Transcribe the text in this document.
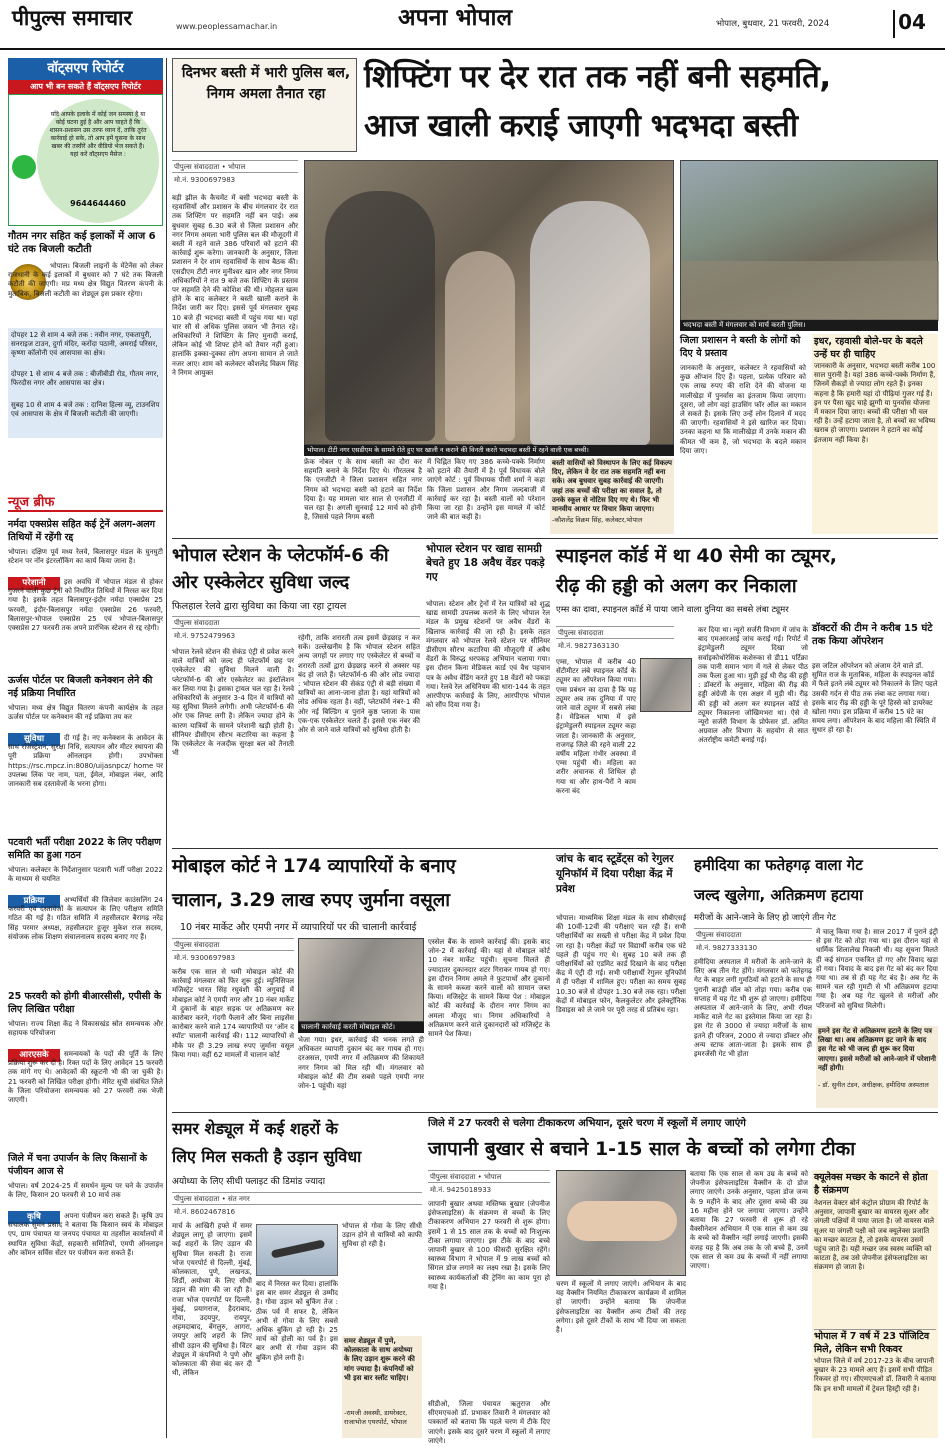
पीपुल्स समाचार	www.peoplessamachar.in	अपना भोपाल	भोपाल, बुधवार, 21 फरवरी, 2024	04
वॉट्सएप रिपोर्टर
आप भी बन सकते हैं वॉट्सएप रिपोर्टर
यदि आपके इलाके में कोई जन समस्या है या कोई घटना हुई है और आप चाहते हैं कि शासन-प्रशासन उस तरफ ध्यान दें, ताकि तुरंत कार्रवाई हो सके, तो आप हमें घुसना के साथ खबर की तस्वीरें और वीडियो भेज सकते हैं। यहां करें वॉट्सएप मैसेज :
9644644460
गौतम नगर सहित कई इलाकों में आज 6 घंटे तक बिजली कटौती
भोपाल। बिजली लाइनों के मेंटेनेंस को लेकर राजधानी के कई इलाकों में बुधवार को 7 घंटे तक बिजली कटौती की जाएगी। मप्र मध्य क्षेत्र विद्युत वितरण कंपनी के मुताबिक, बिजली कटौती का शेड्यूल इस प्रकार रहेगा।
दोपहर 12 से शाम 4 बजे तक : नवीन नगर, एकतापुरी, सनराइज टाउन, दुर्गा मंदिर, करोंदा पठानी, अमराई परिसर, कृष्णा कॉलोनी एवं आसपास का क्षेत्र।
दोपहर 1 से शाम 4 बजे तक : बीजीबीडी रोड, गौतम नगर, फिरदौस नगर और आसपास का क्षेत्र।
सुबह 10 से शाम 4 बजे तक : दानिश हिल्स व्यू, टाउनशिप एवं आसपास के क्षेत्र में बिजली कटौती की जाएगी।
न्यूज ब्रीफ
नर्मदा एक्सप्रेस सहित कई ट्रेनें अलग-अलग तिथियों में रहेंगी रद्द
भोपाल। दक्षिण पूर्व मध्य रेलवे, बिलासपुर मंडल के घुनघुटी स्टेशन पर नॉन इंटरलॉकिंग का कार्य किया जाना है।
परेशानी	इस अवधि में भोपाल मंडल से होकर गुजरने वाली कुछ ट्रेनों को निर्धारित तिथियों में निरस्त कर दिया गया है। इसके तहत बिलासपुर-इंदौर नर्मदा एक्सप्रेस 25 फरवरी, इंदौर-बिलासपुर नर्मदा एक्सप्रेस 26 फरवरी, बिलासपुर-भोपाल एक्सप्रेस 25 एवं भोपाल-बिलासपुर एक्सप्रेस 27 फरवरी तक अपने प्रारंभिक स्टेशन से रद्द रहेगी।
ऊर्जस पोर्टल पर बिजली कनेक्शन लेने की नई प्रक्रिया निर्धारित
भोपाल। मध्य क्षेत्र विद्युत वितरण कंपनी कार्यक्षेत्र के तहत ऊर्जस पोर्टल पर कनेक्शन की नई प्रक्रिया तय कर
सुविधा	दी गई है। नए कनेक्शन के आवेदन के साथ रजिस्ट्रेशन, सुरक्षा निधि, सत्यापन और मीटर स्थापना की पूरी प्रक्रिया ऑनलाइन होगी। उपभोक्ता https://rsc.mpcz.in:8080/uijasnpcz/ home पर उपलब्ध लिंक पर नाम, पता, ईमेल, मोबाइल नंबर, आदि जानकारी सब दस्तावेजों के भरना होगा।
पटवारी भर्ती परीक्षा 2022 के लिए परीक्षण समिति का हुआ गठन
भोपाल। कलेक्टर के निर्देशानुसार पटवारी भर्ती परीक्षा 2022 के माध्यम से चयनित
प्रक्रिया	अभ्यर्थियों की जिलेवार काउंसलिंग 24 फरवरी एवं दस्तावेजों के सत्यापन के लिए परीक्षण समिति गठित की गई है। गठित समिति में तहसीलदार बैरागढ़ नरेंद्र सिंह परमार अध्यक्ष, तहसीलदार हुजूर मुकेश राज सदस्य, संयोजक लोक शिक्षण संचालनालय सदस्य बनाए गए हैं।
25 फरवरी को होगी बीआरसीसी, एपीसी के लिए लिखित परीक्षा
भोपाल। राज्य शिक्षा केंद्र ने विकासखंड स्रोत समन्वयक और सहायक परियोजना
आरएसके	समन्वयकों के पदों की पूर्ति के लिए प्रक्रिया शुरू कर दी है। रिक्त पदों के लिए आवेदन 15 फरवरी तक मांगे गए थे। आवेदकों की स्क्रूटनी भी की जा चुकी है। 21 फरवरी को लिखित परीक्षा होगी। मेरिट सूची संबंधित जिले के जिला परियोजना समन्वयक को 27 फरवरी तक भेजी जाएगी।
जिले में चना उपार्जन के लिए किसानों के पंजीयन आज से
भोपाल। वर्ष 2024-25 में समर्थन मूल्य पर चने के उपार्जन के लिए, किसान 20 फरवरी से 10 मार्च तक
कृषि	अपना पंजीयन करा सकते हैं। कृषि उप संचालक सुमन प्रसाद ने बताया कि किसान स्वयं के मोबाइल एप, ग्राम पंचायत या जनपद पंचायत या तहसील कार्यालयों में स्थापित सुविधा केंद्रों, सहकारी समितियों, एमपी ऑनलाइन और कॉमन सर्विस सेंटर पर पंजीयन करा सकते हैं।
दिनभर बस्ती में भारी पुलिस बल, निगम अमला तैनात रहा	शिफ्टिंग पर देर रात तक नहीं बनी सहमति,
आज खाली कराई जाएगी भदभदा बस्ती
पीपुल्स संवाददाता • भोपाल
मो.नं. 9300697983
बड़ी झील के कैचमेंट में बसी भदभदा बस्ती के रहवासियों और प्रशासन के बीच मंगलवार देर रात तक शिफ्टिंग पर सहमति नहीं बन पाई। अब बुधवार सुबह 6.30 बजे से जिला प्रशासन और नगर निगम अमला भारी पुलिस बल की मौजूदगी में बस्ती में रहने वाले 386 परिवारों को हटाने की कार्रवाई शुरू करेगा। जानकारी के अनुसार, जिला प्रशासन ने देर शाम रहवासियों के साथ बैठक की। एसडीएम टीटी नगर मुनीश्वर खान और नगर निगम अधिकारियों ने रात 9 बजे तक शिफ्टिंग के प्रस्ताव पर सहमति देने की कोशिश की थी। मोहलत खत्म होने के बाद कलेक्टर ने बस्ती खाली कराने के निर्देश जारी कर दिए। इससे पूर्व मंगलवार सुबह 10 बजे ही भदभदा बस्ती में पहुंच गया था। यहां चार सौ से अधिक पुलिस जवान भी तैनात रहे। अधिकारियों ने शिफ्टिंग के लिए मुनादी कराई, लेकिन कोई भी शिफ्ट होने को तैयार नहीं हुआ। हालांकि इक्का-दुक्का लोग अपना सामान ले जाते नजर आए। शाम को कलेक्टर कौशलेंद्र विक्रम सिंह ने निगम आयुक्त
भोपाल। टीटी नगर एसडीएम के सामने रोते हुए घर खाली न कराने की विनती करते भदभदा बस्ती में रहने वाली एक बच्ची।
फ्रेंक नोबल ए के साथ बस्ती का दौरा कर सहमति बनाने के निर्देश दिए थे। गौरतलब है कि एनजीटी ने जिला प्रशासन सहित नगर निगम को भदभदा बस्ती को हटाने का निर्देश दिया है। यह मामला चार साल से एनजीटी में चल रहा है। अगली सुनवाई 12 मार्च को होनी है, जिससे पहले निगम बस्ती
में चिह्नित किए गए 386 कच्चे-पक्के निर्माण को हटाने की तैयारी में है। पूर्व विधायक बोले जाएंगे कोर्ट : पूर्व विधायक पीसी शर्मा ने कहा कि जिला प्रशासन और निगम जल्दबाजी में कार्रवाई कर रहा है। बस्ती वालों को परेशान किया जा रहा है। उन्होंने इस मामले में कोर्ट जाने की बात कही है।
बस्ती वासियों को विस्थापन के लिए कई विकल्प दिए, लेकिन वे देर रात तक सहमति नहीं बना सके। अब बुधवार सुबह कार्रवाई की जाएगी। जहां तक बच्चों की परीक्षा का सवाल है, तो उनके स्कूल से नोटिस दिए गए थे। फिर भी मानवीय आधार पर विचार किया जाएगा।
-कौशलेंद्र विक्रम सिंह, कलेक्टर,भोपाल
भदभदा बस्ती में मंगलवार को मार्च करती पुलिस।
जिला प्रशासन ने बस्ती के लोगों को दिए ये प्रस्ताव
जानकारी के अनुसार, कलेक्टर ने रहवासियों को कुछ ऑप्शन दिए हैं। पहला, प्रत्येक परिवार को एक लाख रुपए की राशि देने की योजना या मालीखेड़ा में पुनर्वास का इंतजाम किया जाएगा। दूसरा, जो लोग वहां हाउसिंग फॉर ऑल का मकान ले सकते हैं। इसके लिए उन्हें लोन दिलाने में मदद की जाएगी। रहवासियों ने इसे खारिज कर दिया। उनका कहना था कि मालीखेड़ा में उनके मकान की कीमत भी कम है, जो भदभदा के बदले मकान दिया जाए।
इधर, रहवासी बोले-घर के बदले उन्हें घर ही चाहिए
जानकारी के अनुसार, भदभदा बस्ती करीब 100 साल पुरानी है। यहां 386 कच्चे-पक्के निर्माण हैं, जिनमें सैकड़ों से ज्यादा लोग रहते हैं। इनका कहना है कि हमारी यहां दो पीढ़ियां गुजर गई हैं। इन पर पैसा खुद चाहे झुग्गी या पुनर्वास योजना में मकान दिया जाए। बच्चों की परीक्षा भी चल रही है। उन्हें हटाया जाता है, तो बच्चों का भविष्य खराब हो जाएगा। प्रशासन ने हटाने का कोई इंतजाम नहीं किया है।
भोपाल स्टेशन के प्लेटफॉर्म-6 की ओर एस्केलेटर सुविधा जल्द
फिलहाल रेलवे द्वारा सुविधा का किया जा रहा ट्रायल
पीपुल्स संवाददाता
मो.नं. 9752479963
भोपाल रेलवे स्टेशन की सेकंड एंट्री से प्रवेश करने वाले यात्रियों को जल्द ही प्लेटफॉर्म छह पर एस्केलेटर की सुविधा मिलने वाली है। प्लेटफॉर्म-6 की ओर एस्केलेटर का इंस्टॉलेशन कर लिया गया है। इसका ट्रायल चल रहा है। रेलवे अधिकारियों के अनुसार 3-4 दिन में यात्रियों को यह सुविधा मिलने लगेगी। अभी प्लेटफॉर्म-6 की ओर एक लिफ्ट लगी है। लेकिन ज्यादा होने के कारण यात्रियों के सामने परेशानी खड़ी होती है। सीनियर डीसीएम सौरभ कटारिया का कहना है कि एस्केलेटर के नजदीक सुरक्षा बल को तैनाती भी
रहेगी, ताकि शरारती तत्व इसमें छेड़छाड़ न कर सकें। उल्लेखनीय है कि भोपाल स्टेशन सहित अन्य जगहों पर लगाए गए एस्केलेटर से बच्चों व शरारती तत्वों द्वारा छेड़छाड़ करने से अक्सर यह बंद हो जाते हैं। प्लेटफॉर्म-6 की ओर लोड ज्यादा : भोपाल स्टेशन की सेकंड एंट्री से बड़ी संख्या में यात्रियों का आना-जाना होता है। यहां यात्रियों को लोड अधिक रहता है। वहीं, प्लेटफॉर्म नंबर-1 की ओर नई बिल्डिंग व पुराने कुष्ठ प्लाजा के पास एक-एक एस्केलेटर चलते हैं। इससे एक नंबर की ओर से जाने वाले यात्रियों को सुविधा होती है।
भोपाल स्टेशन पर खाद्य सामग्री बेचते हुए 18 अवैध वेंडर पकड़े गए
भोपाल। स्टेशन और ट्रेनों में रेल यात्रियों को शुद्ध खाद्य सामग्री उपलब्ध कराने के लिए भोपाल रेल मंडल के प्रमुख स्टेशनों पर अवैध वेंडरों के खिलाफ कार्रवाई की जा रही है। इसके तहत मंगलवार को भोपाल रेलवे स्टेशन पर सीनियर डीसीएम सौरभ कटारिया की मौजूदगी में अवैध वेंडरों के विरुद्ध धरपकड़ अभियान चलाया गया। इस दौरान किना मेडिकल कार्ड एवं वैध पहचान पत्र के अवैध वेंडिंग करते हुए 18 वेंडरों को पकड़ा गया। रेलवे रेल अधिनियम की धारा-144 के तहत आरपीएफ कार्रवाई के लिए, आरपीएफ भोपाल को सौंप दिया गया है।
स्पाइनल कॉर्ड में था 40 सेमी का ट्यूमर,
रीढ़ की हड्डी को अलग कर निकाला
एम्स का दावा, स्पाइनल कॉर्ड में पाया जाने वाला दुनिया का सबसे लंबा ट्यूमर
पीपुल्स संवाददाता
मो.नं. 9827363130
एम्स, भोपाल में करीब 40 सेंटीमीटर लंबे स्पाइनल कॉर्ड के ट्यूमर का ऑपरेशन किया गया। एम्स प्रबंधन का दावा है कि यह ट्यूमर अब तक दुनिया में पाए जाने वाले ट्यूमर में सबसे लंबा है। मेडिकल भाषा में इसे इंट्रामेडुलरी स्पाइनल ट्यूमर कहा जाता है। जानकारी के अनुसार, राजगढ़ जिले की रहने वाली 22 वर्षीय महिला गंभीर अवस्था में एम्स पहुंची थी। महिला का शरीर अचानक से शिथिल हो गया था और हाथ-पैरों ने काम करना बंद
कर दिया था। न्यूरो सर्जरी विभाग में जांच के बाद एमआरआई जांच कराई गई। रिपोर्ट में इंट्रामेडुलरी ट्यूमर दिखा जो सर्वाइकोथोरेसिक कशेरुका से डी11 पर्टिक्रा तक पानी समान भाग में गले से लेकर पीठ तक फैला हुआ था। मुड़ी हुई थी रीढ़ की हड्डी : डॉक्टरों के अनुसार, महिला की रीढ़ की हड्डी अंग्रेजी के एस अक्षर में मुड़ी थी। रीढ़ की हड्डी को अलग कर स्पाइनल कॉर्ड से ट्यूमर निकालना जोखिमभरा था। ऐसे में न्यूरो सर्जरी विभाग के प्रोफेसर डॉ. अमित अग्रवाल और विभाग के सहयोग से सात अंतर्राष्ट्रीय कमेटी बनाई गई।
डॉक्टरों की टीम ने करीब 15 घंटे तक किया ऑपरेशन
इस जटिल ऑपरेशन को अंजाम देने वाले डॉ. सुमित राज के मुताबिक, महिला के स्पाइनल कॉर्ड में फैले इतने लंबे ट्यूमर को निकालने के लिए पहले उसकी गर्दन से पीठ तक लंबा कट लगाया गया। इसके बाद रीढ़ की हड्डी के पूरे हिस्से को डायरेक्ट खोला गया। इस प्रक्रिया में करीब 15 घंटे का समय लगा। ऑपरेशन के बाद महिला की स्थिति में सुधार हो रहा है।
मोबाइल कोर्ट ने 174 व्यापारियों के बनाए
चालान, 3.29 लाख रुपए जुर्माना वसूला
10 नंबर मार्केट और एमपी नगर में व्यापारियों पर की चालानी कार्रवाई
पीपुल्स संवाददाता
मो.नं. 9300697983
करीब एक साल से थमी मोबाइल कोर्ट की कार्रवाई मंगलवार को फिर शुरू हुई। म्युनिसिपल मजिस्ट्रेट भारत सिंह रघुवंशी की अगुवाई में मोबाइल कोर्ट ने एमपी नगर और 10 नंबर मार्केट में दुकानों के बाहर सड़क पर अतिक्रमण कर कारोबार करने, गंदगी फैलाने और बिना लाइसेंस कारोबार करने वाले 174 व्यापारियों पर 'ऑन द स्पॉट' चालानी कार्रवाई की। 112 व्यापारियों से मौके पर ही 3.29 लाख रुपए जुर्माना वसूल किया गया। वहीं 62 मामलों में चालान कोर्ट
चालानी कार्रवाई करती मोबाइल कोर्ट।
भेजा गया। इधर, कार्रवाई की भनक लगते ही अधिकतर व्यापारी दुकान बंद कर गायब हो गए। दरअसल, एमपी नगर में अतिक्रमण की शिकायतें नगर निगम को मिल रही थीं। मंगलवार को मोबाइल कोर्ट की टीम सबसे पहले एमपी नगर जोन-1 पहुंची। यहां
एस्सेल बैंक के सामने कार्रवाई की। इसके बाद जोन-2 में कार्रवाई की। यहां से मोबाइल कोर्ट 10 नंबर मार्केट पहुंची। सूचना मिलते ही ज्यादातर दुकानदार शटर गिराकर गायब हो गए। इस दौरान निगम अमले ने फुटपाथों और दुकानों के सामने कब्जा करने वालों को सामान जब्त किया। मजिस्ट्रेट के सामने किया पेश : मोबाइल कोर्ट की कार्रवाई के दौरान नगर निगम का अमला मौजूद था। निगम अधिकारियों ने अतिक्रमण करने वाले दुकानदारों को मजिस्ट्रेट के सामने पेश किया।
जांच के बाद स्टूडेंट्स को रेगुलर यूनिफॉर्म में दिया परीक्षा केंद्र में प्रवेश
भोपाल। माध्यमिक शिक्षा मंडल के साथ सीबीएसई की 10वीं-12वीं की परीक्षाएं चल रही हैं। सभी परीक्षार्थियों का सख्ती से परीक्षा केंद्र में प्रवेश दिया जा रहा है। परीक्षा केंद्रों पर विद्यार्थी करीब एक घंटे पहले ही पहुंच गए थे। सुबह 10 बजे तक ही परीक्षार्थियों को एडमिट कार्ड दिखाने के बाद परीक्षा केंद्र में एंट्री दी गई। सभी परीक्षार्थी रेगुलर यूनिफॉर्म में ही परीक्षा में शामिल हुए। परीक्षा का समय सुबह 10.30 बजे से दोपहर 1.30 बजे तक रहा। परीक्षा केंद्रों में मोबाइल फोन, कैलकुलेटर और इलेक्ट्रॉनिक डिवाइस को ले जाने पर पूरी तरह से प्रतिबंध रहा।
हमीदिया का फतेहगढ़ वाला गेट
जल्द खुलेगा, अतिक्रमण हटाया
मरीजों के आने-जाने के लिए हो जाएंगे तीन गेट
पीपुल्स संवाददाता
मो.नं. 9827333130
हमीदिया अस्पताल में मरीजों के आने-जाने के लिए अब तीन गेट होंगे। मंगलवार को फतेहगढ़ गेट के बाहर लगी गुमठियों को हटाने के साथ ही पुरानी बाउंड्री वॉल को तोड़ा गया। करीब एक सप्ताह में यह गेट भी शुरू हो जाएगा। हमीदिया अस्पताल में आने-जाने के लिए, अभी रॉयल मार्केट वाले गेट का इस्तेमाल किया जा रहा है। इस गेट से 3000 से ज्यादा मरीजों के साथ इतने ही परिजन, 2000 से ज्यादा डॉक्टर और अन्य स्टाफ आता-जाता है। इसके साथ ही इमरजेंसी गेट भी होता
में चालू किया गया है। साल 2017 में पुराने इंट्री से इस गेट को तोड़ा गया था। इस दौरान यहां से धार्मिक शिलालेख निकली थी। यह सूचना मिलते ही कई संगठन एकत्रित हो गए और विवाद खड़ा हो गया। विवाद के बाद इस गेट को बंद कर दिया गया था। तब से ही यह गेट बंद है। अब गेट के सामने चल रही गुमटी से भी अतिक्रमण हटाया गया है। अब यह गेट खुलने से मरीजों और परिजनों को सुविधा मिलेगी।
हमने इस गेट से अतिक्रमण हटाने के लिए पत्र लिखा था। अब अतिक्रमण हट जाने के बाद इस गेट को भी जल्द ही शुरू कर दिया जाएगा। इससे मरीजों को आने-जाने में परेशानी नहीं होगी।
- डॉ. सुनीत टंडन, अधीक्षक, हमीदिया अस्पताल
समर शेड्यूल में कई शहरों के
लिए मिल सकती है उड़ान सुविधा
अयोध्या के लिए सीधी फ्लाइट की डिमांड ज्यादा
पीपुल्स संवाददाता • संत नगर
मो.नं. 8602467816
मार्च के आखिरी हफ्ते में समर शेड्यूल लागू हो जाएगा। इसमें कई शहरों के लिए उड़ान की सुविधा मिल सकती है। राजा भोज एयरपोर्ट से दिल्ली, मुंबई, कोलकाता, पुणे, लखनऊ, शिर्डी, अयोध्या के लिए सीधी उड़ान की मांग की जा रही है। राजा भोज एयरपोर्ट पर दिल्ली, मुंबई, प्रयागराज, हैदराबाद, गोवा, उदयपुर, रायपुर, अहमदाबाद, बेंगलुरु, आगरा, जयपुर आदि शहरों के लिए सीधी उड़ान की सुविधा है। विंटर शेड्यूल में कंपनियों ने पुणे और कोलकाता की सेवा बंद कर दी थी, लेकिन
बाद में निरस्त कर दिया। हालांकि इस बार समर शेड्यूल से उम्मीद है। गोवा उड़ान को बुकिंग तेज : ठीक पर्व में सफर है, लेकिन अभी से गोवा के लिए सबसे अधिक बुकिंग हो रही है। 25 मार्च को होली का पर्व है। इस बार अभी से गोवा उड़ान की बुकिंग होने लगी है।
भोपाल से गोवा के लिए सीधी उड़ान होने से यात्रियों को काफी सुविधा हो रही है।
समर शेड्यूल में पुणे, कोलकाता के साथ अयोध्या के लिए उड़ान शुरू करने की मांग ज्यादा है। कंपनियों को भी इस बार स्लॉट चाहिए।
-रामजी अवस्थी, डायरेक्टर, राजाभोज एयरपोर्ट, भोपाल
जिले में 27 फरवरी से चलेगा टीकाकरण अभियान, दूसरे चरण में स्कूलों में लगाए जाएंगे
जापानी बुखार से बचाने 1-15 साल के बच्चों को लगेगा टीका
पीपुल्स संवाददाता • भोपाल
मो.नं. 9425018933
जापानी बुखार अथवा मस्तिष्क बुखार (जेपनीज इंसेफलाइटिस) के संक्रमण से बच्चों के लिए टीकाकरण अभियान 27 फरवरी से शुरू होगा। इसमें 1 से 15 साल तक के बच्चों को निःशुल्क टीका लगाया जाएगा। इस टीके के बाद बच्चे जापानी बुखार से 100 फीसदी सुरक्षित रहेंगे। स्वास्थ्य विभाग ने भोपाल में 9 लाख बच्चों को सिंगल डोज लगाने का लक्ष्य रखा है। इसके लिए स्वास्थ्य कार्यकर्ताओं की ट्रेनिंग का काम पूरा हो गया है।
सीडीओ, जिला पंचायत ऋतुराज और सीएमएचओ डॉ. प्रभाकर तिवारी ने मंगलवार को पत्रकारों को बताया कि पहले चरण में टीके दिए जाएंगे। इसके बाद दूसरे चरण में स्कूलों में लगाए जाएंगे।
चरण में स्कूलों में लगाए जाएंगे। अभियान के बाद यह वैक्सीन नियमित टीकाकरण कार्यक्रम में शामिल हो जाएगी। उन्होंने बताया कि जेपनीज इंसेफलाइटिस का वैक्सीन अन्य टीकों की तरह लगेगा। इसे दूसरे टीकों के साथ भी दिया जा सकता है।
बताया कि एक साल से कम उम्र के बच्चे को जेपनीज इंसेफलाइटिस वैक्सीन के दो डोज लगाए जाएंगे। उनके अनुसार, पहला डोज जन्म के 9 महीने के बाद और दूसरा बच्चे की उम्र 16 महीना होने पर लगाया जाएगा। उन्होंने बताया कि 27 फरवरी से शुरू हो रहे वैक्सीनेशन अभियान में एक साल से कम उम्र के बच्चे को वैक्सीन नहीं लगाई जाएगी। इसकी वजह यह है कि अब तक के जो बच्चे हैं, उनमें एक साल से कम उम्र के बच्चों में नहीं लगाया जाएगा।
क्यूलेक्स मच्छर के काटने से होता है संक्रमण
नेशनल वेक्टर बोर्न कंट्रोल प्रोग्राम की रिपोर्ट के अनुसार, जापानी बुखार का वायरस सूअर और जंगली पक्षियों में पाया जाता है। जो वायरस वाले सूअर या जंगली पक्षी को जब क्यूलेक्स प्रजाति का मच्छर काटता है, तो इसके वायरस उसमें पहुंच जाते हैं। यही मच्छर जब स्वस्थ व्यक्ति को काटता है, तब उसे जेपनीज इंसेफलाइटिस का संक्रमण हो जाता है।
भोपाल में 7 वर्ष में 23 पॉजिटिव मिले, लेकिन सभी रिकवर
भोपाल जिले में वर्ष 2017-23 के बीच जापानी बुखार के 23 मामले आए हैं। इसमें सभी पीड़ित रिकवर हो गए। सीएमएचओ डॉ. तिवारी ने बताया कि इन सभी मामलों में ट्रेवल हिस्ट्री रही है।
